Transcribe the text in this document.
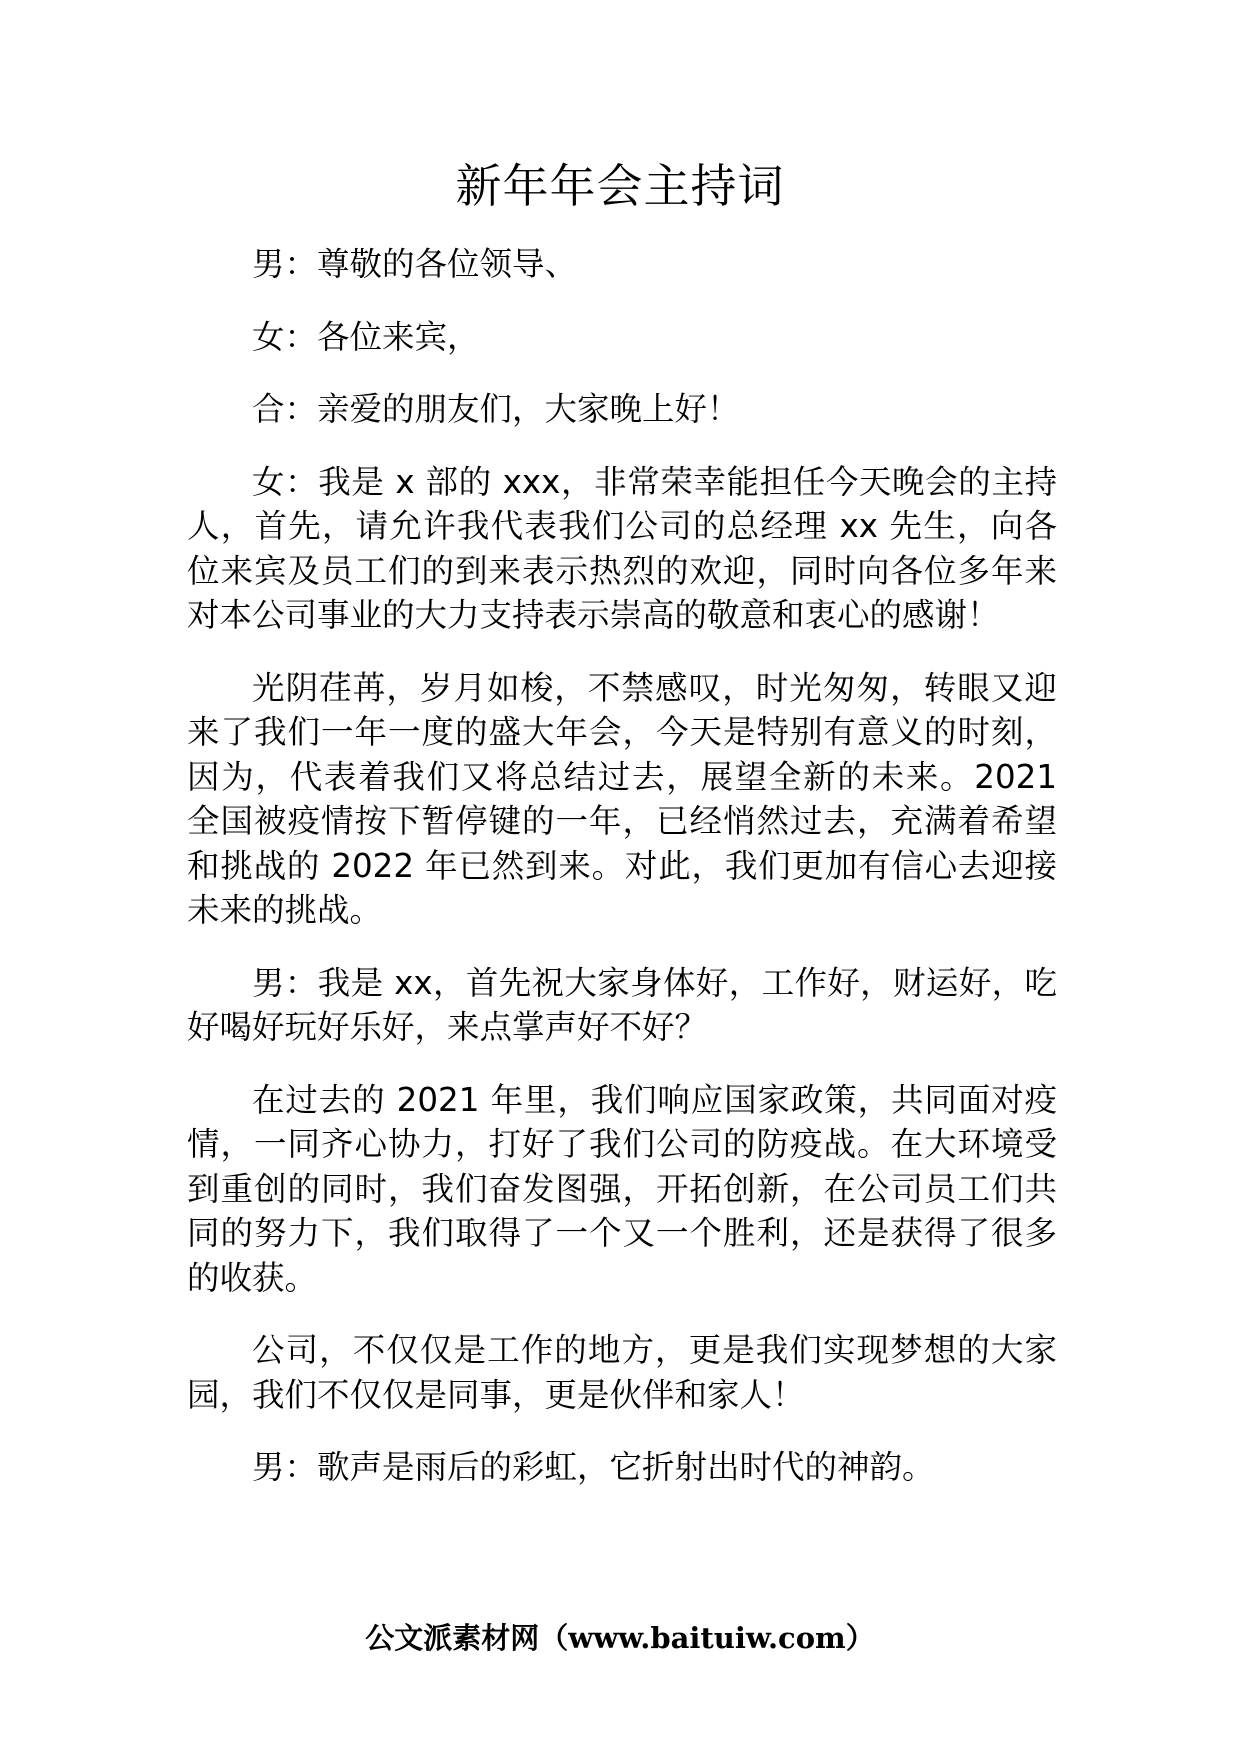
新年年会主持词

男：尊敬的各位领导、

女：各位来宾，

合：亲爱的朋友们，大家晚上好！

女：我是 x 部的 xxx，非常荣幸能担任今天晚会的主持人，首先，请允许我代表我们公司的总经理 xx 先生，向各位来宾及员工们的到来表示热烈的欢迎，同时向各位多年来对本公司事业的大力支持表示崇高的敬意和衷心的感谢！

光阴荏苒，岁月如梭，不禁感叹，时光匆匆，转眼又迎来了我们一年一度的盛大年会，今天是特别有意义的时刻，因为，代表着我们又将总结过去，展望全新的未来。2021 全国被疫情按下暂停键的一年，已经悄然过去，充满着希望和挑战的 2022 年已然到来。对此，我们更加有信心去迎接未来的挑战。

男：我是 xx，首先祝大家身体好，工作好，财运好，吃好喝好玩好乐好，来点掌声好不好？

在过去的 2021 年里，我们响应国家政策，共同面对疫情，一同齐心协力，打好了我们公司的防疫战。在大环境受到重创的同时，我们奋发图强，开拓创新，在公司员工们共同的努力下，我们取得了一个又一个胜利，还是获得了很多的收获。

公司，不仅仅是工作的地方，更是我们实现梦想的大家园，我们不仅仅是同事，更是伙伴和家人！

男：歌声是雨后的彩虹，它折射出时代的神韵。

公文派素材网（www.baituiw.com）
